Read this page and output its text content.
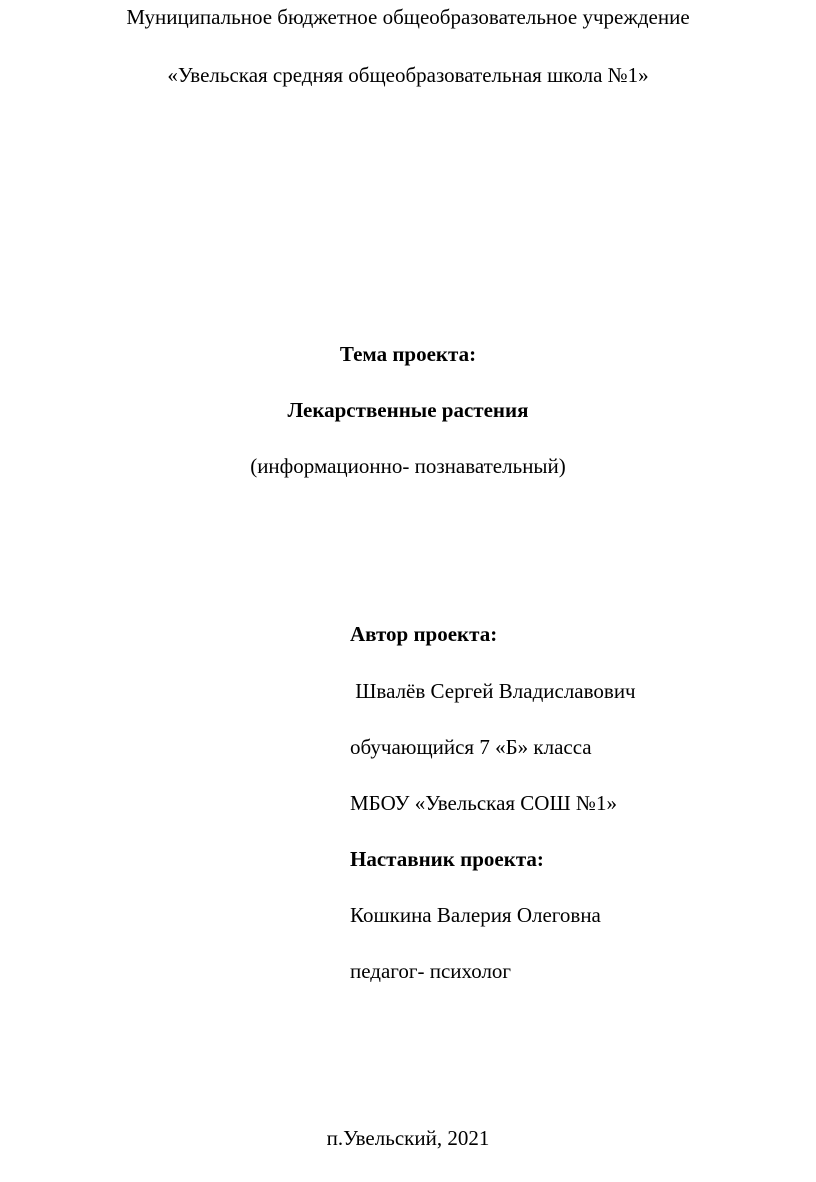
Муниципальное бюджетное общеобразовательное учреждение
«Увельская средняя общеобразовательная школа №1»
Тема проекта:
Лекарственные растения
(информационно- познавательный)
Автор проекта:
Швалёв Сергей Владиславович
обучающийся 7 «Б» класса
МБОУ «Увельская СОШ №1»
Наставник проекта:
Кошкина Валерия Олеговна
педагог- психолог
п.Увельский, 2021
